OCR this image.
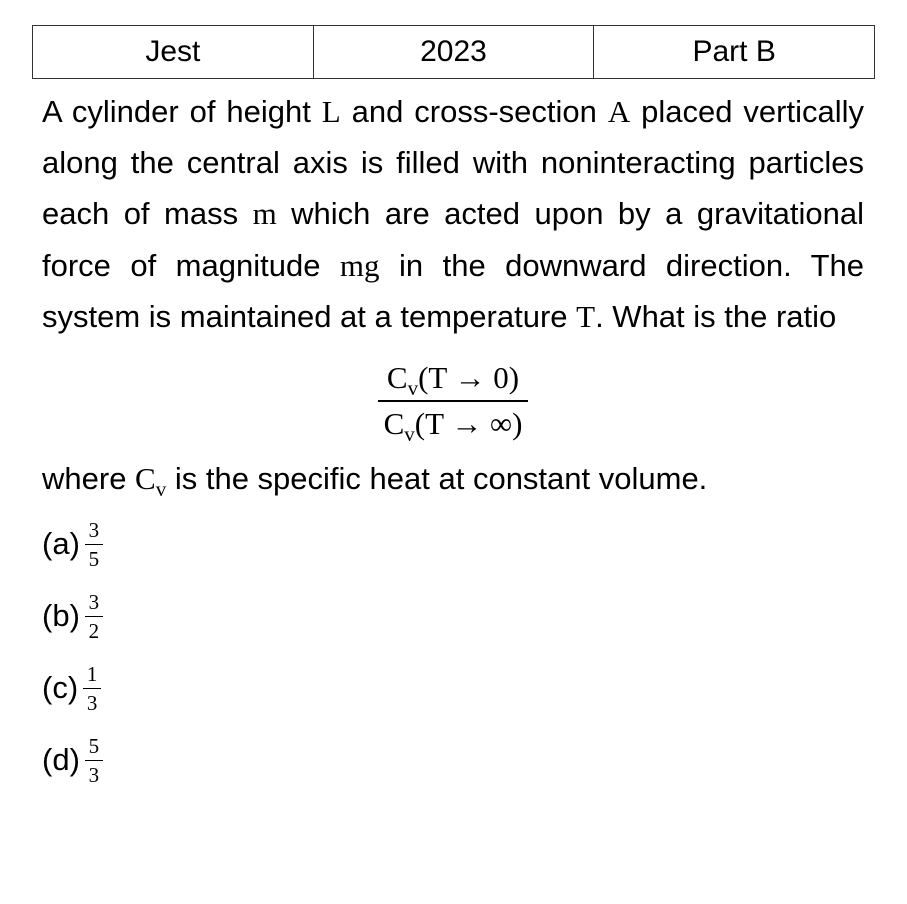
Jest	2023	Part B

A cylinder of height L and cross-section A placed vertically along the central axis is filled with noninteracting particles each of mass m which are acted upon by a gravitational force of magnitude mg in the downward direction. The system is maintained at a temperature T. What is the ratio

$\frac{C_v(T \to 0)}{C_v(T \to \infty)}$

where $C_v$ is the specific heat at constant volume.

$(a) \frac{3}{5}$
$(b) \frac{3}{2}$
$(c) \frac{1}{3}$
$(d) \frac{5}{3}$
